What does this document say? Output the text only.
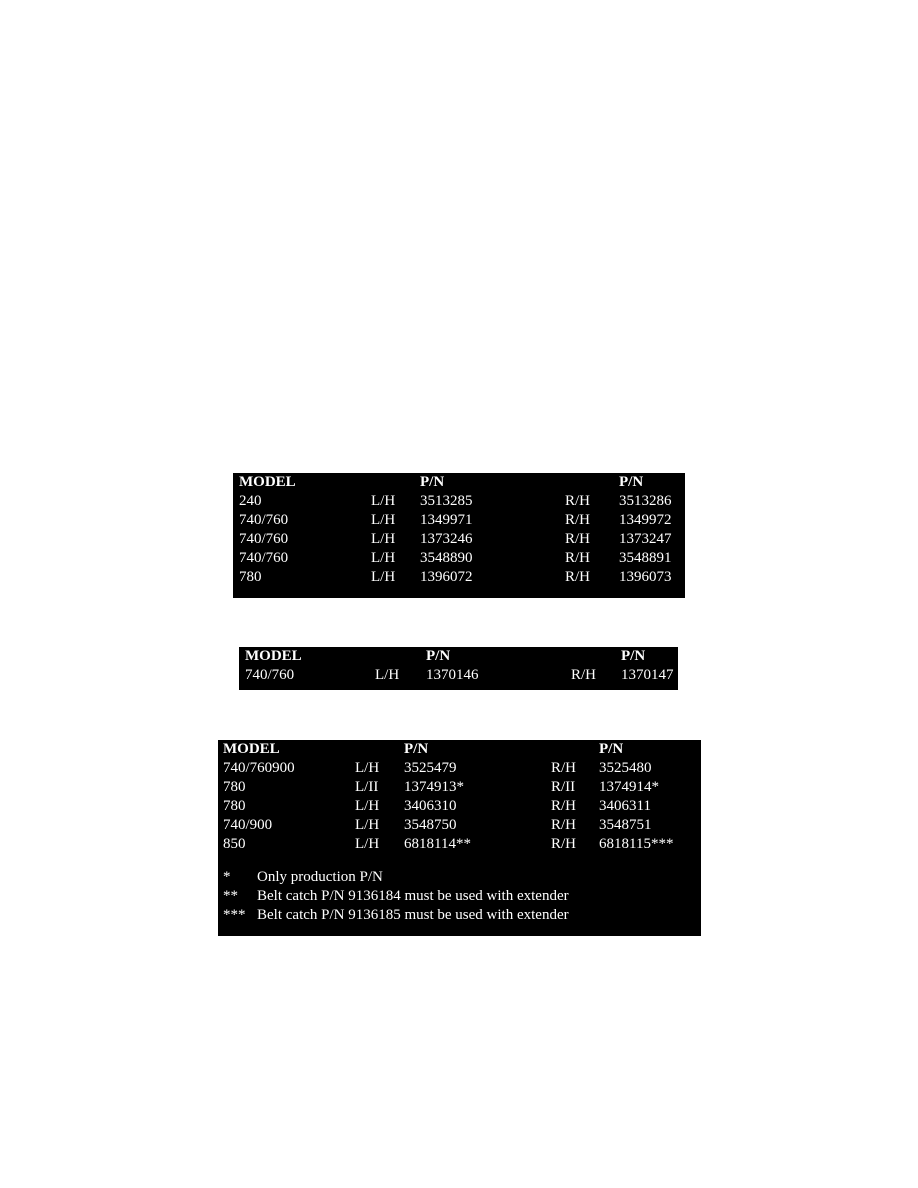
MODEL	P/N	P/N
240	L/H 3513285	R/H 3513286
740/760	L/H 1349971	R/H 1349972
740/760	L/H 1373246	R/H 1373247
740/760	L/H 3548890	R/H 3548891
780	L/H 1396072	R/H 1396073
MODEL	P/N	P/N
740/760	L/H 1370146	R/H 1370147
MODEL	P/N	P/N
740/760900	L/H 3525479	R/H 3525480
780	L/II 1374913*	R/II 1374914*
780	L/H 3406310	R/H 3406311
740/900	L/H 3548750	R/H 3548751
850	L/H 6818114**	R/H 6818115***
* Only production P/N
** Belt catch P/N 9136184 must be used with extender
*** Belt catch P/N 9136185 must be used with extender
